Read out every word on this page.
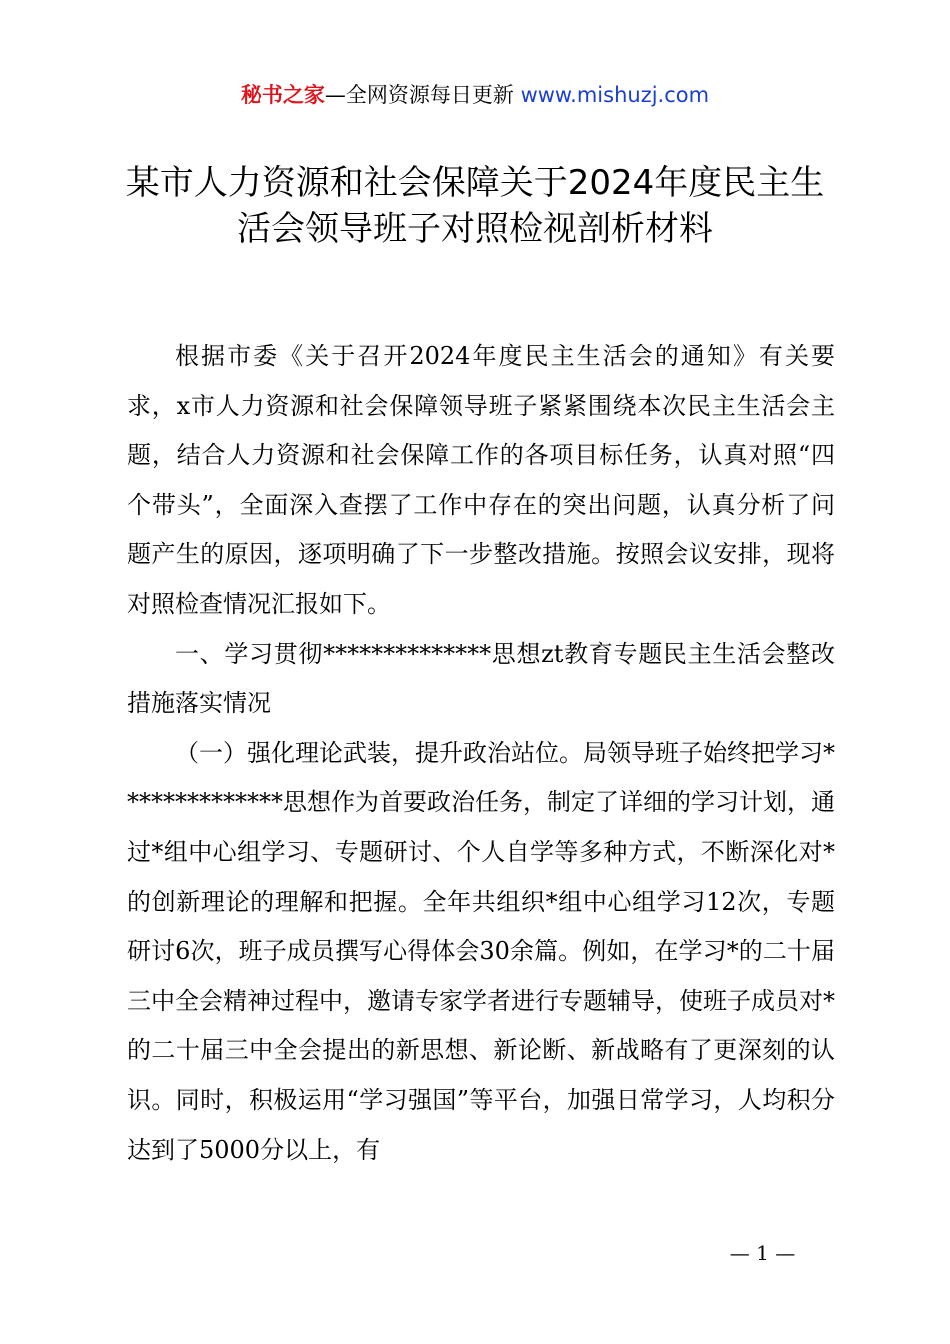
秘书之家—全网资源每日更新 www.mishuzj.com
某市人力资源和社会保障关于2024年度民主生活会领导班子对照检视剖析材料

根据市委《关于召开2024年度民主生活会的通知》有关要求，x市人力资源和社会保障领导班子紧紧围绕本次民主生活会主题，结合人力资源和社会保障工作的各项目标任务，认真对照“四个带头”，全面深入查摆了工作中存在的突出问题，认真分析了问题产生的原因，逐项明确了下一步整改措施。按照会议安排，现将对照检查情况汇报如下。

一、学习贯彻**************思想zt教育专题民主生活会整改措施落实情况

（一）强化理论武装，提升政治站位。局领导班子始终把学习**************思想作为首要政治任务，制定了详细的学习计划，通过*组中心组学习、专题研讨、个人自学等多种方式，不断深化对*的创新理论的理解和把握。全年共组织*组中心组学习12次，专题研讨6次，班子成员撰写心得体会30余篇。例如，在学习*的二十届三中全会精神过程中，邀请专家学者进行专题辅导，使班子成员对*的二十届三中全会提出的新思想、新论断、新战略有了更深刻的认识。同时，积极运用“学习强国”等平台，加强日常学习，人均积分达到了5000分以上，有

— 1 —
